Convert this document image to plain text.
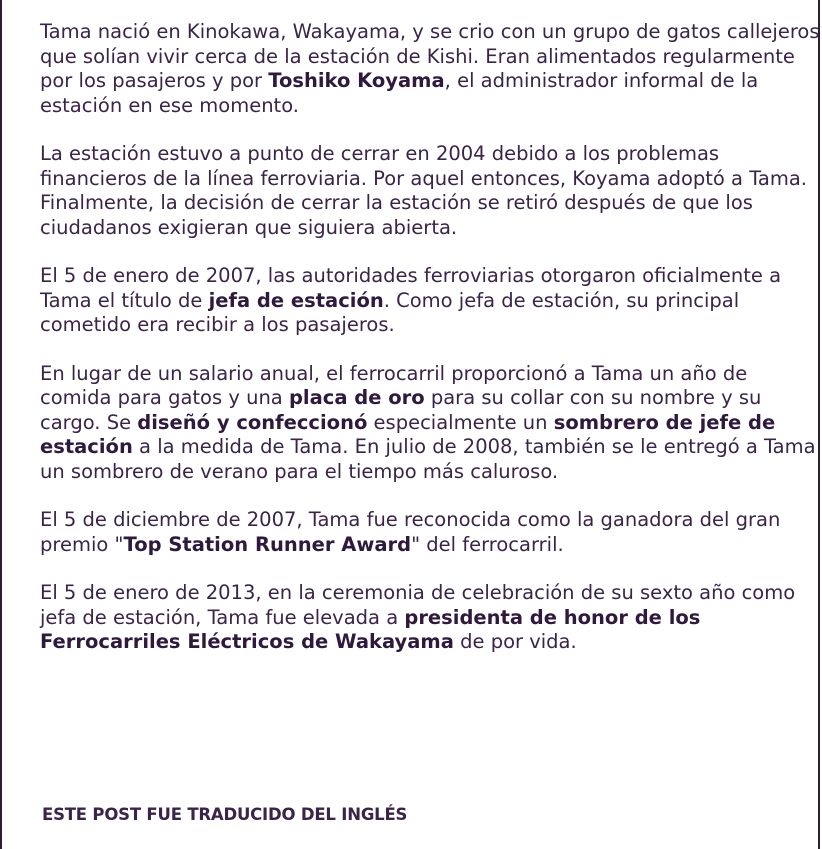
Tama nació en Kinokawa, Wakayama, y se crio con un grupo de gatos callejeros que solían vivir cerca de la estación de Kishi. Eran alimentados regularmente por los pasajeros y por Toshiko Koyama, el administrador informal de la estación en ese momento.

La estación estuvo a punto de cerrar en 2004 debido a los problemas financieros de la línea ferroviaria. Por aquel entonces, Koyama adoptó a Tama. Finalmente, la decisión de cerrar la estación se retiró después de que los ciudadanos exigieran que siguiera abierta.

El 5 de enero de 2007, las autoridades ferroviarias otorgaron oficialmente a Tama el título de jefa de estación. Como jefa de estación, su principal cometido era recibir a los pasajeros.

En lugar de un salario anual, el ferrocarril proporcionó a Tama un año de comida para gatos y una placa de oro para su collar con su nombre y su cargo. Se diseñó y confeccionó especialmente un sombrero de jefe de estación a la medida de Tama. En julio de 2008, también se le entregó a Tama un sombrero de verano para el tiempo más caluroso.

El 5 de diciembre de 2007, Tama fue reconocida como la ganadora del gran premio "Top Station Runner Award" del ferrocarril.

El 5 de enero de 2013, en la ceremonia de celebración de su sexto año como jefa de estación, Tama fue elevada a presidenta de honor de los Ferrocarriles Eléctricos de Wakayama de por vida.

ESTE POST FUE TRADUCIDO DEL INGLÉS
